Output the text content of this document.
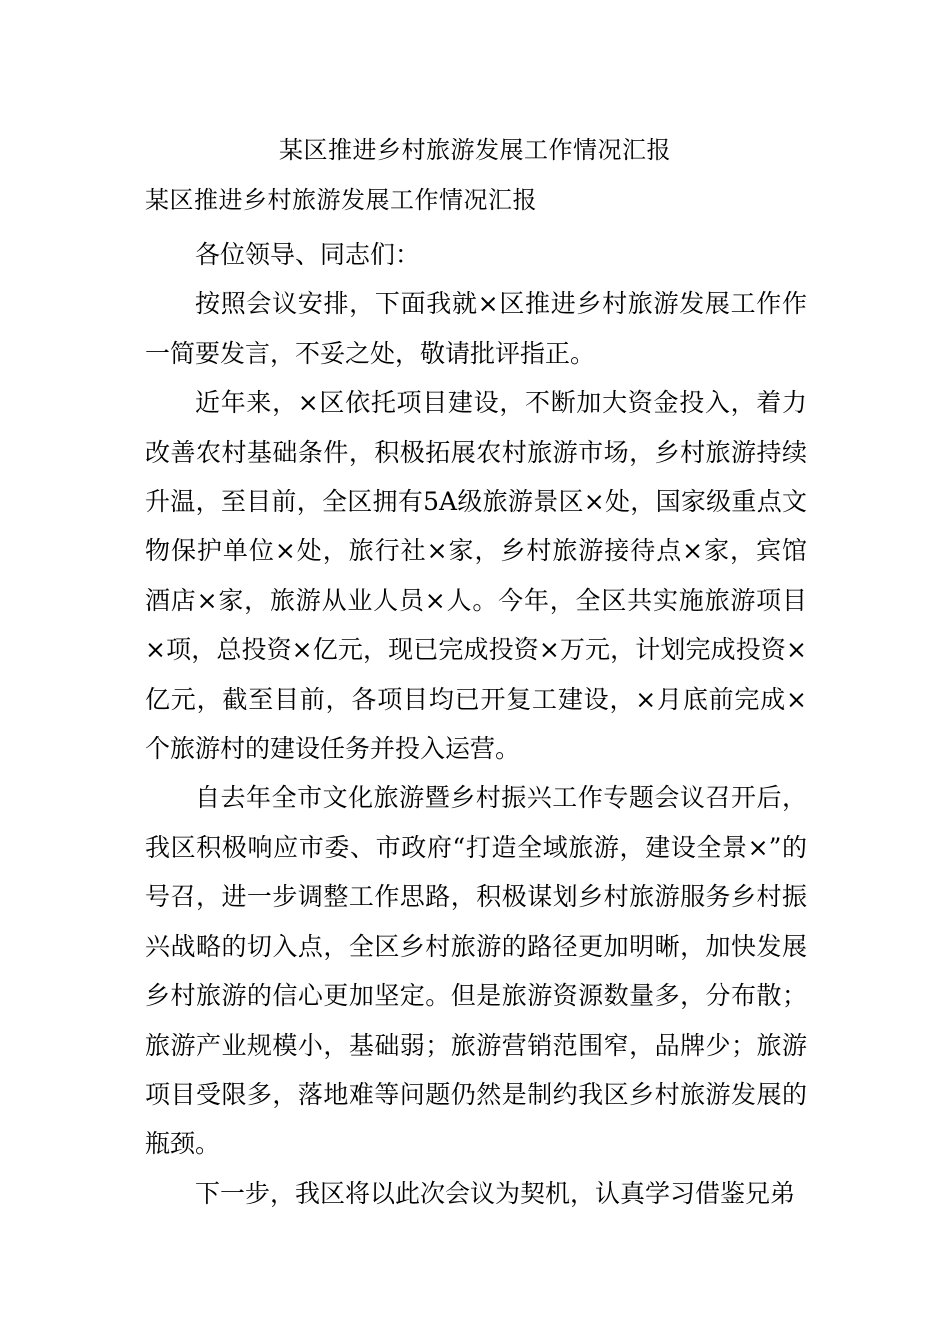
某区推进乡村旅游发展工作情况汇报
某区推进乡村旅游发展工作情况汇报

各位领导、同志们：

按照会议安排，下面我就×区推进乡村旅游发展工作作一简要发言，不妥之处，敬请批评指正。

近年来，×区依托项目建设，不断加大资金投入，着力改善农村基础条件，积极拓展农村旅游市场，乡村旅游持续升温，至目前，全区拥有5A级旅游景区×处，国家级重点文物保护单位×处，旅行社×家，乡村旅游接待点×家，宾馆酒店×家，旅游从业人员×人。今年，全区共实施旅游项目×项，总投资×亿元，现已完成投资×万元，计划完成投资×亿元，截至目前，各项目均已开复工建设，×月底前完成×个旅游村的建设任务并投入运营。

自去年全市文化旅游暨乡村振兴工作专题会议召开后，我区积极响应市委、市政府“打造全域旅游，建设全景×”的号召，进一步调整工作思路，积极谋划乡村旅游服务乡村振兴战略的切入点，全区乡村旅游的路径更加明晰，加快发展乡村旅游的信心更加坚定。但是旅游资源数量多，分布散；旅游产业规模小，基础弱；旅游营销范围窄，品牌少；旅游项目受限多，落地难等问题仍然是制约我区乡村旅游发展的瓶颈。

下一步，我区将以此次会议为契机，认真学习借鉴兄弟
